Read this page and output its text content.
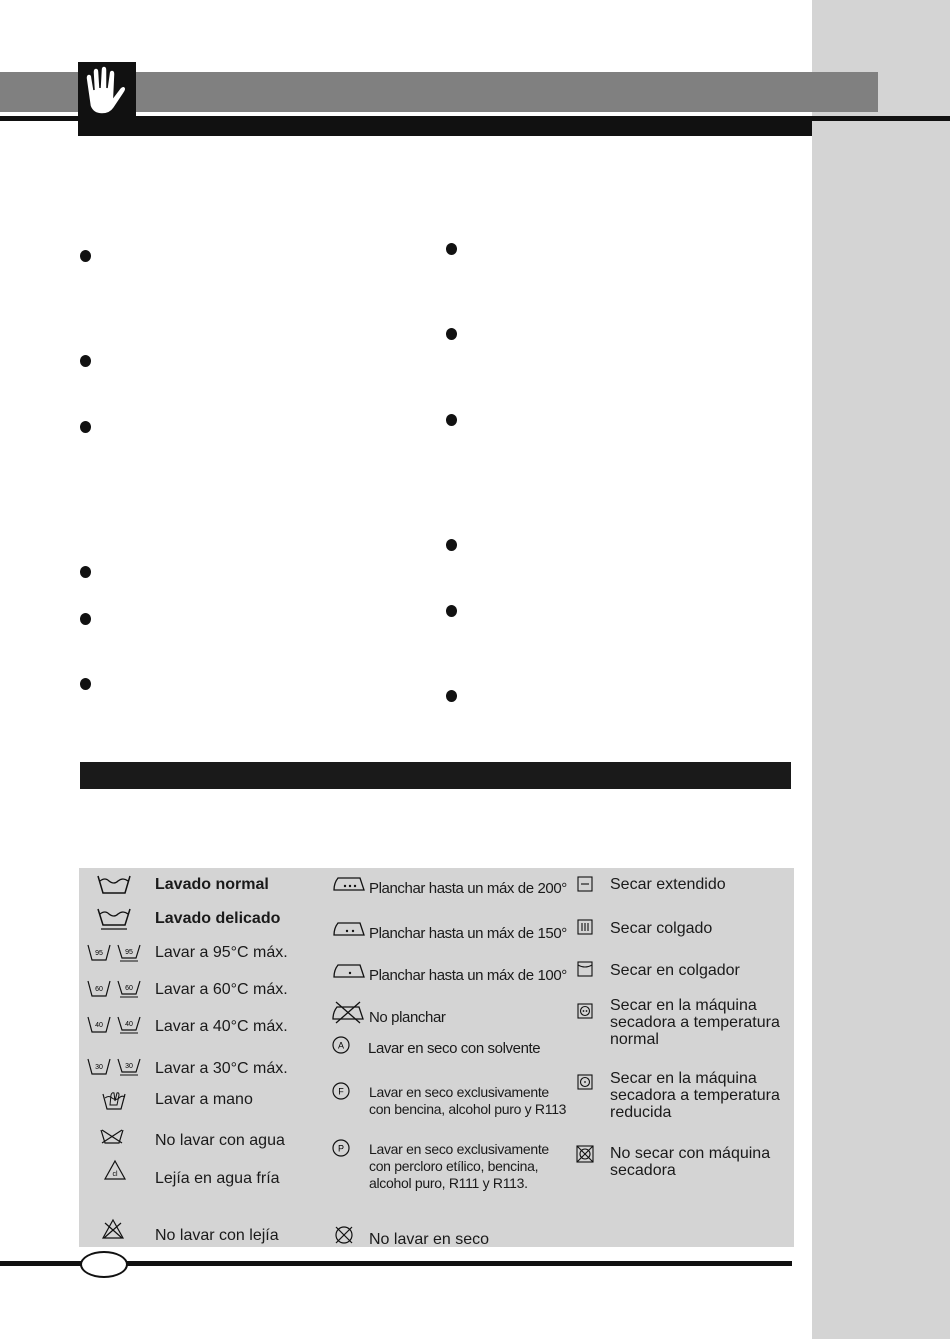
Lavado normal
Lavado delicado
95	95 Lavar a 95°C máx.
60	60 Lavar a 60°C máx.
40	40 Lavar a 40°C máx.
30	30 Lavar a 30°C máx.
Lavar a mano
No lavar con agua
cl Lejía en agua fría
No lavar con lejía
Planchar hasta un máx de 200°
Planchar hasta un máx de 150°
Planchar hasta un máx de 100°
No planchar
A Lavar en seco con solvente
F Lavar en seco exclusivamente con bencina, alcohol puro y R113
P Lavar en seco exclusivamente con percloro etílico, bencina, alcohol puro, R111 y R113.
No lavar en seco
Secar extendido
Secar colgado
Secar en colgador
Secar en la máquina secadora a temperatura normal
Secar en la máquina secadora a temperatura reducida
No secar con máquina secadora
